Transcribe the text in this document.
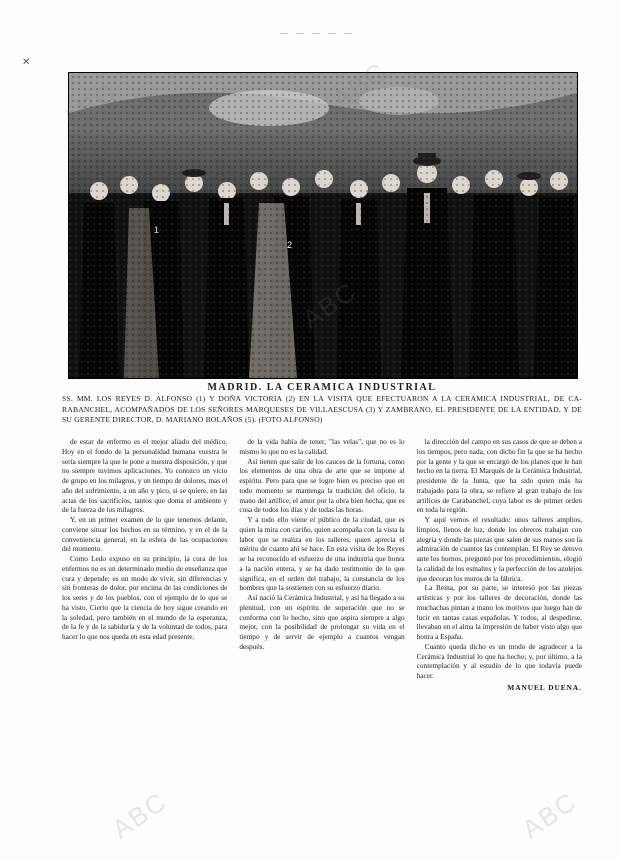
— — — — —
✕
MADRID. LA CERAMICA INDUSTRIAL
SS. MM. LOS REYES D. ALFONSO (1) Y DOÑA VICTORIA (2) EN LA VISITA QUE EFECTUARON A LA CERAMICA INDUSTRIAL, DE CA-RABANCHEL, ACOMPAÑADOS DE LOS SEÑORES MARQUESES DE VILLAESCUSA (3) Y ZAMBRANO, EL PRESIDENTE DE LA ENTIDAD, Y DE SU GERENTE DIRECTOR, D. MARIANO BOLAÑOS (5). (FOTO ALFONSO)

de estar de enfermo es el mejor aliado del médico. Hoy en el fondo de la personalidad humana vuestra le sería siempre la que le pone a nuestra disposición, y que no siempre tuvimos aplicaciones. Yo conozco un vicio de grupo en los milagros, y un tiempo de dolores, mas el año del sufrimiento, a un año y pico, si se quiere, en las actas de los sacrificios, tantos que doma el ambiente y de la fuerza de los milagros.

Y, en un primer examen de lo que tenemos delante, conviene situar los hechos en su término, y en el de la conveniencia general, en la esfera de las ocupaciones del momento.

Como Ledo expuso en su principio, la cura de los enfermos no es un determinado medio de enseñanza que cura y depende; es un modo de vivir, sin diferencias y sin fronteras de dolor, por encima de las condiciones de los seres y de los pueblos, con el ejemplo de lo que se ha visto. Cierto que la ciencia de hoy sigue creando en la soledad, pero también en el mundo de la esperanza, de la fe y de la sabiduría y de la voluntad de todos, para hacer lo que nos queda en esta edad presente.

de la vida había de tener, "las velas", que no es lo mismo lo que no es la calidad.

Así tienen que salir de los cauces de la fortuna, como los elementos de una obra de arte que se impone al espíritu. Pero para que se logre bien es preciso que en todo momento se mantenga la tradición del oficio, la mano del artífice, el amor por la obra bien hecha, que es cosa de todos los días y de todas las horas.

Y a todo ello viene el público de la ciudad, que es quien la mira con cariño, quien acompaña con la vista la labor que se realiza en los talleres, quien aprecia el mérito de cuanto ahí se hace. En esta visita de los Reyes se ha reconocido el esfuerzo de una industria que honra a la nación entera, y se ha dado testimonio de lo que significa, en el orden del trabajo, la constancia de los hombres que la sostienen con su esfuerzo diario.

Así nació la Cerámica Industrial, y así ha llegado a su plenitud, con un espíritu de superación que no se conforma con lo hecho, sino que aspira siempre a algo mejor, con la posibilidad de prolongar su vida en el tiempo y de servir de ejemplo a cuantos vengan después.

la dirección del campo en sus casos de que se deben a los tiempos, pero nada, con dicho fin la que se ha hecho por la gente y la que se encargó de los planos que le han hecho en la tierra. El Marqués de la Cerámica Industrial, presidente de la Junta, que ha sido quien más ha trabajado para la obra, se refiere al gran trabajo de los artífices de Carabanchel, cuya labor es de primer orden en toda la región.

Y aquí vemos el resultado: unos talleres amplios, limpios, llenos de luz, donde los obreros trabajan con alegría y donde las piezas que salen de sus manos son la admiración de cuantos las contemplan. El Rey se detuvo ante los hornos, preguntó por los procedimientos, elogió la calidad de los esmaltes y la perfección de los azulejos que decoran los muros de la fábrica.

La Reina, por su parte, se interesó por las piezas artísticas y por los talleres de decoración, donde las muchachas pintan a mano los motivos que luego han de lucir en tantas casas españolas. Y todos, al despedirse, llevaban en el alma la impresión de haber visto algo que honra a España.

Cuanto queda dicho es un modo de agradecer a la Cerámica Industrial lo que ha hecho; y, por último, a la contemplación y al estudio de lo que todavía puede hacer.

MANUEL DUENA.
ABC	ABC
